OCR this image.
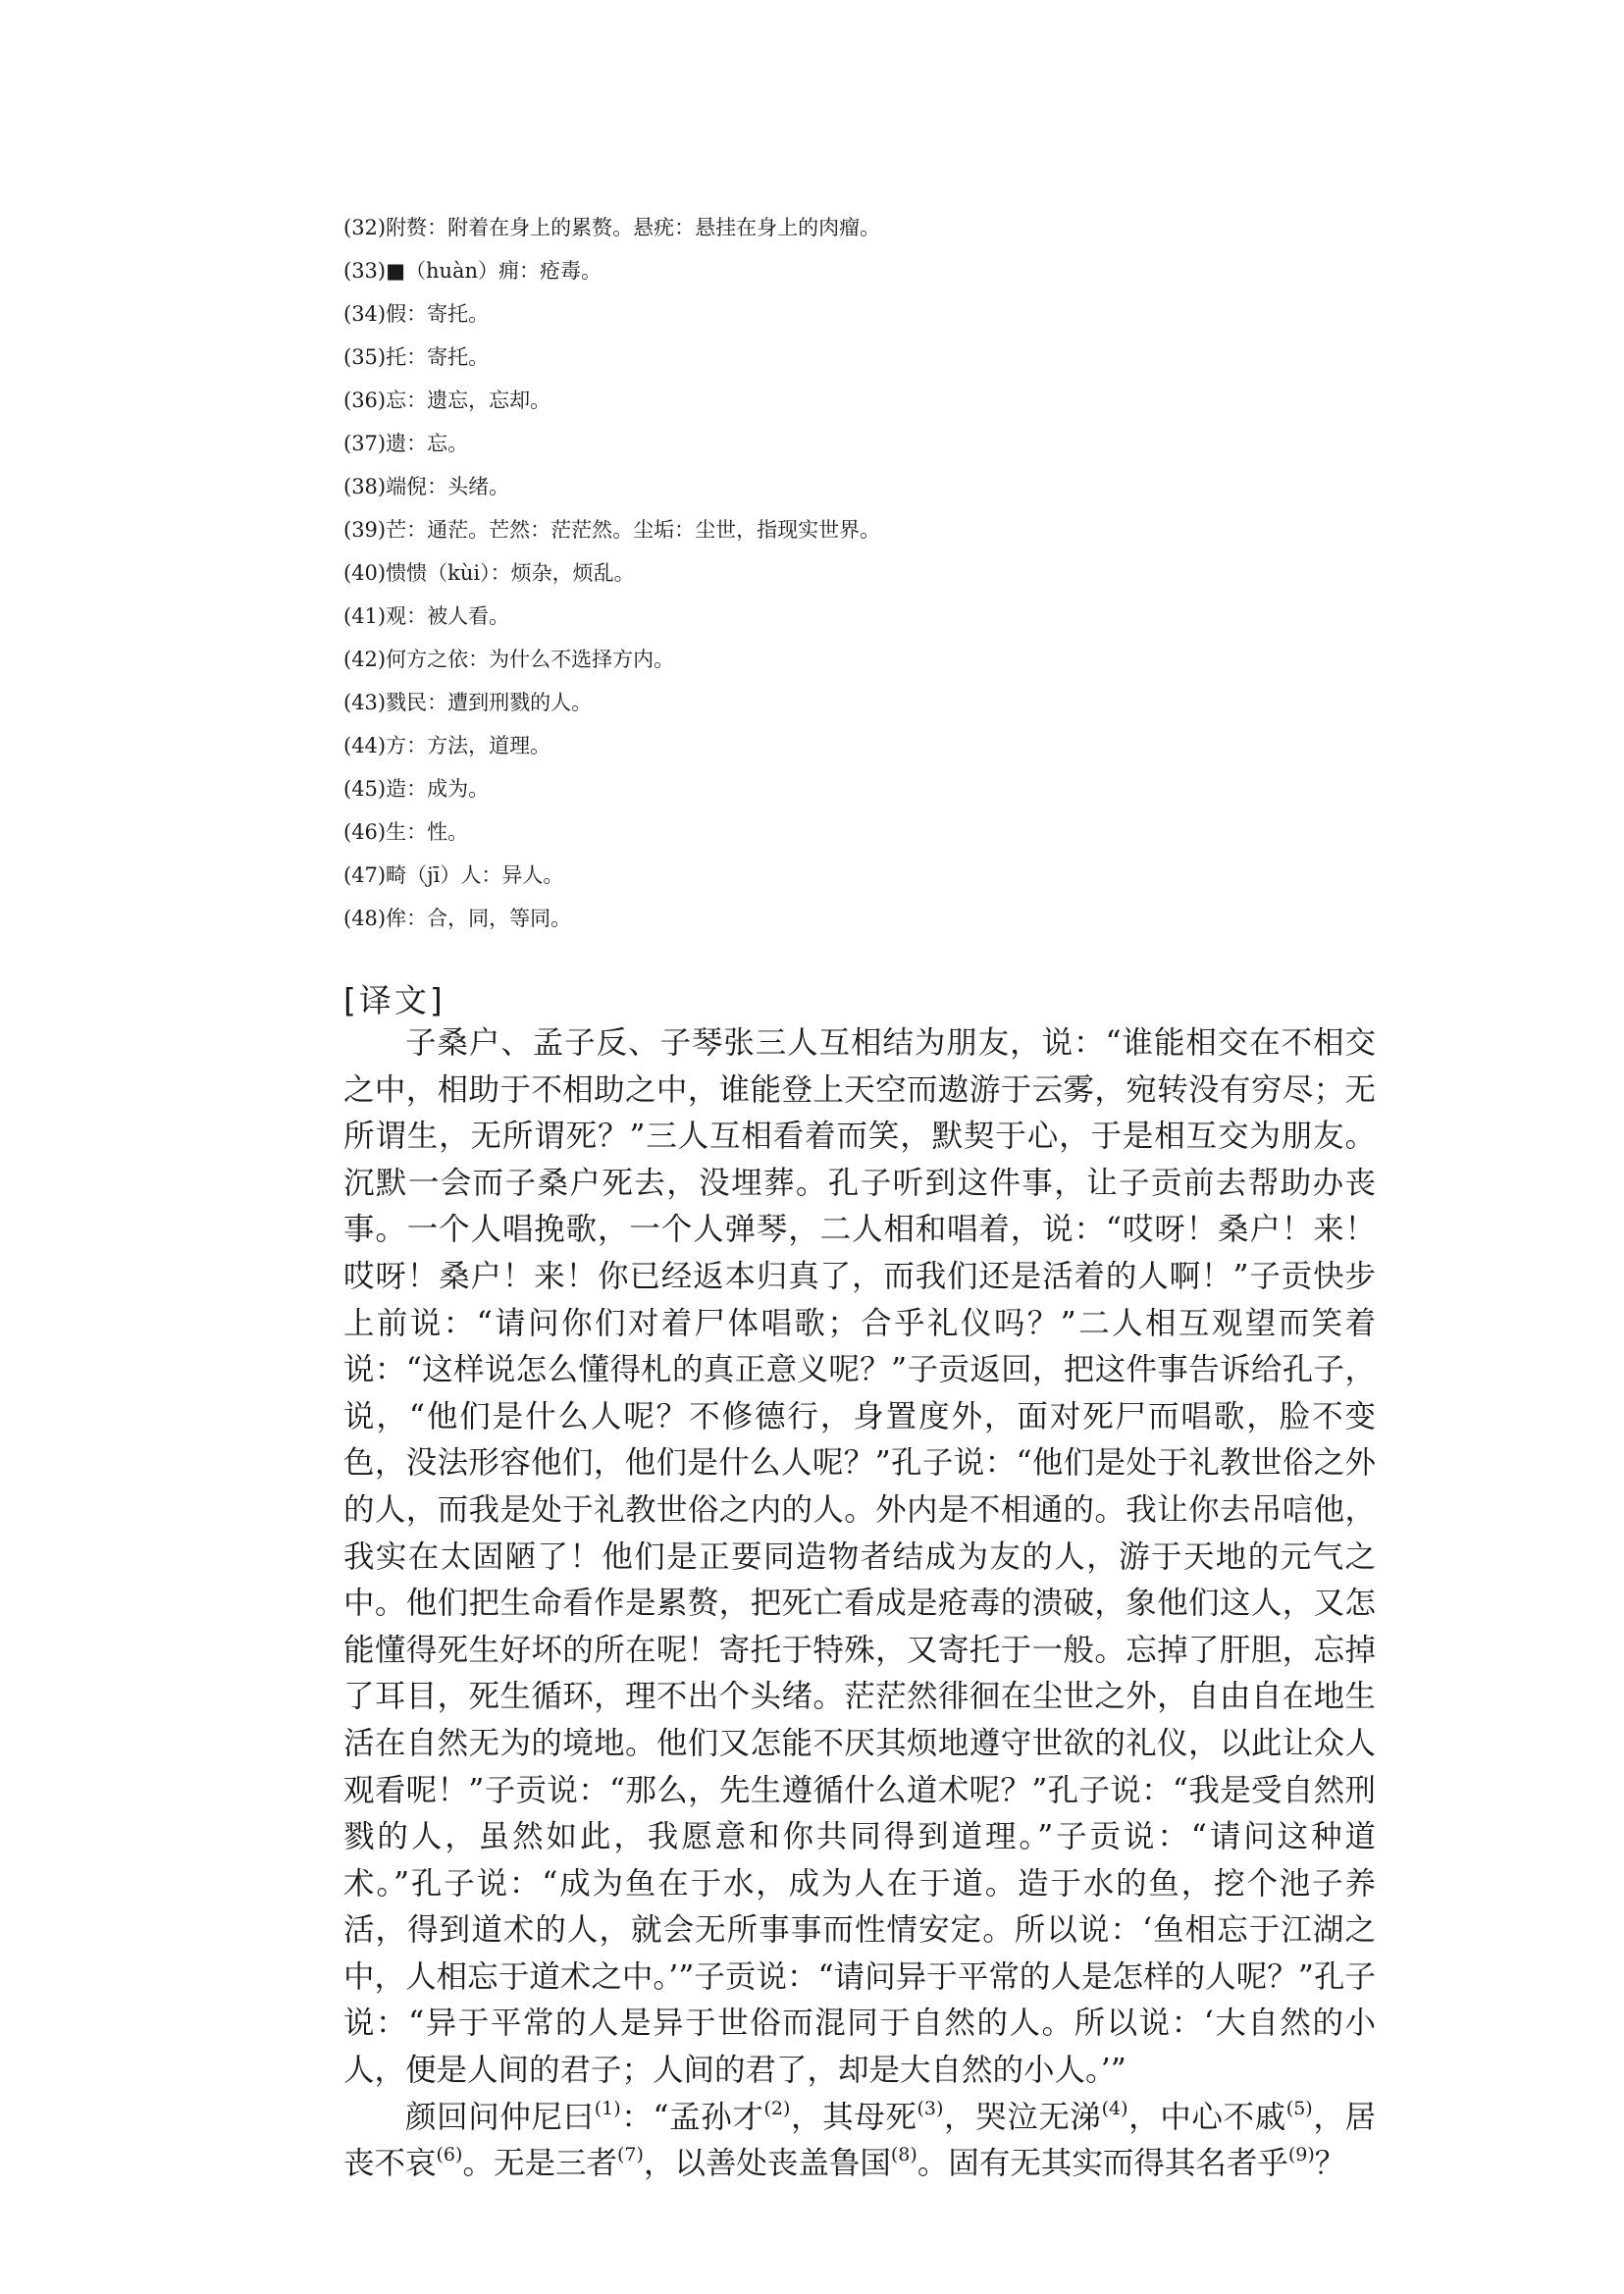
(32)附赘：附着在身上的累赘。悬疣：悬挂在身上的肉瘤。
(33)■（huàn）痈：疮毒。
(34)假：寄托。
(35)托：寄托。
(36)忘：遗忘，忘却。
(37)遗：忘。
(38)端倪：头绪。
(39)芒：通茫。芒然：茫茫然。尘垢：尘世，指现实世界。
(40)愦愦（kùi）：烦杂，烦乱。
(41)观：被人看。
(42)何方之依：为什么不选择方内。
(43)戮民：遭到刑戮的人。
(44)方：方法，道理。
(45)造：成为。
(46)生：性。
(47)畸（jī）人：异人。
(48)侔：合，同，等同。
[译文]

子桑户、孟子反、子琴张三人互相结为朋友，说：“谁能相交在不相交之中，相助于不相助之中，谁能登上天空而遨游于云雾，宛转没有穷尽；无所谓生，无所谓死？”三人互相看着而笑，默契于心，于是相互交为朋友。沉默一会而子桑户死去，没埋葬。孔子听到这件事，让子贡前去帮助办丧事。一个人唱挽歌，一个人弹琴，二人相和唱着，说：“哎呀！桑户！来！哎呀！桑户！来！你已经返本归真了，而我们还是活着的人啊！”子贡快步上前说：“请问你们对着尸体唱歌；合乎礼仪吗？”二人相互观望而笑着说：“这样说怎么懂得札的真正意义呢？”子贡返回，把这件事告诉给孔子，说，“他们是什么人呢？不修德行，身置度外，面对死尸而唱歌，脸不变色，没法形容他们，他们是什么人呢？”孔子说：“他们是处于礼教世俗之外的人，而我是处于礼教世俗之内的人。外内是不相通的。我让你去吊唁他，我实在太固陋了！他们是正要同造物者结成为友的人，游于天地的元气之中。他们把生命看作是累赘，把死亡看成是疮毒的溃破，象他们这人，又怎能懂得死生好坏的所在呢！寄托于特殊，又寄托于一般。忘掉了肝胆，忘掉了耳目，死生循环，理不出个头绪。茫茫然徘徊在尘世之外，自由自在地生活在自然无为的境地。他们又怎能不厌其烦地遵守世欲的礼仪，以此让众人观看呢！”子贡说：“那么，先生遵循什么道术呢？”孔子说：“我是受自然刑戮的人，虽然如此，我愿意和你共同得到道理。”子贡说：“请问这种道术。”孔子说：“成为鱼在于水，成为人在于道。造于水的鱼，挖个池子养活，得到道术的人，就会无所事事而性情安定。所以说：‘鱼相忘于江湖之中，人相忘于道术之中。’”子贡说：“请问异于平常的人是怎样的人呢？”孔子说：“异于平常的人是异于世俗而混同于自然的人。所以说：‘大自然的小人，便是人间的君子；人间的君了，却是大自然的小人。’”

颜回问仲尼曰$^{(1)}$：“孟孙才$^{(2)}$，其母死$^{(3)}$，哭泣无涕$^{(4)}$，中心不戚$^{(5)}$，居丧不哀$^{(6)}$。无是三者$^{(7)}$，以善处丧盖鲁国$^{(8)}$。固有无其实而得其名者乎$^{(9)}$？
